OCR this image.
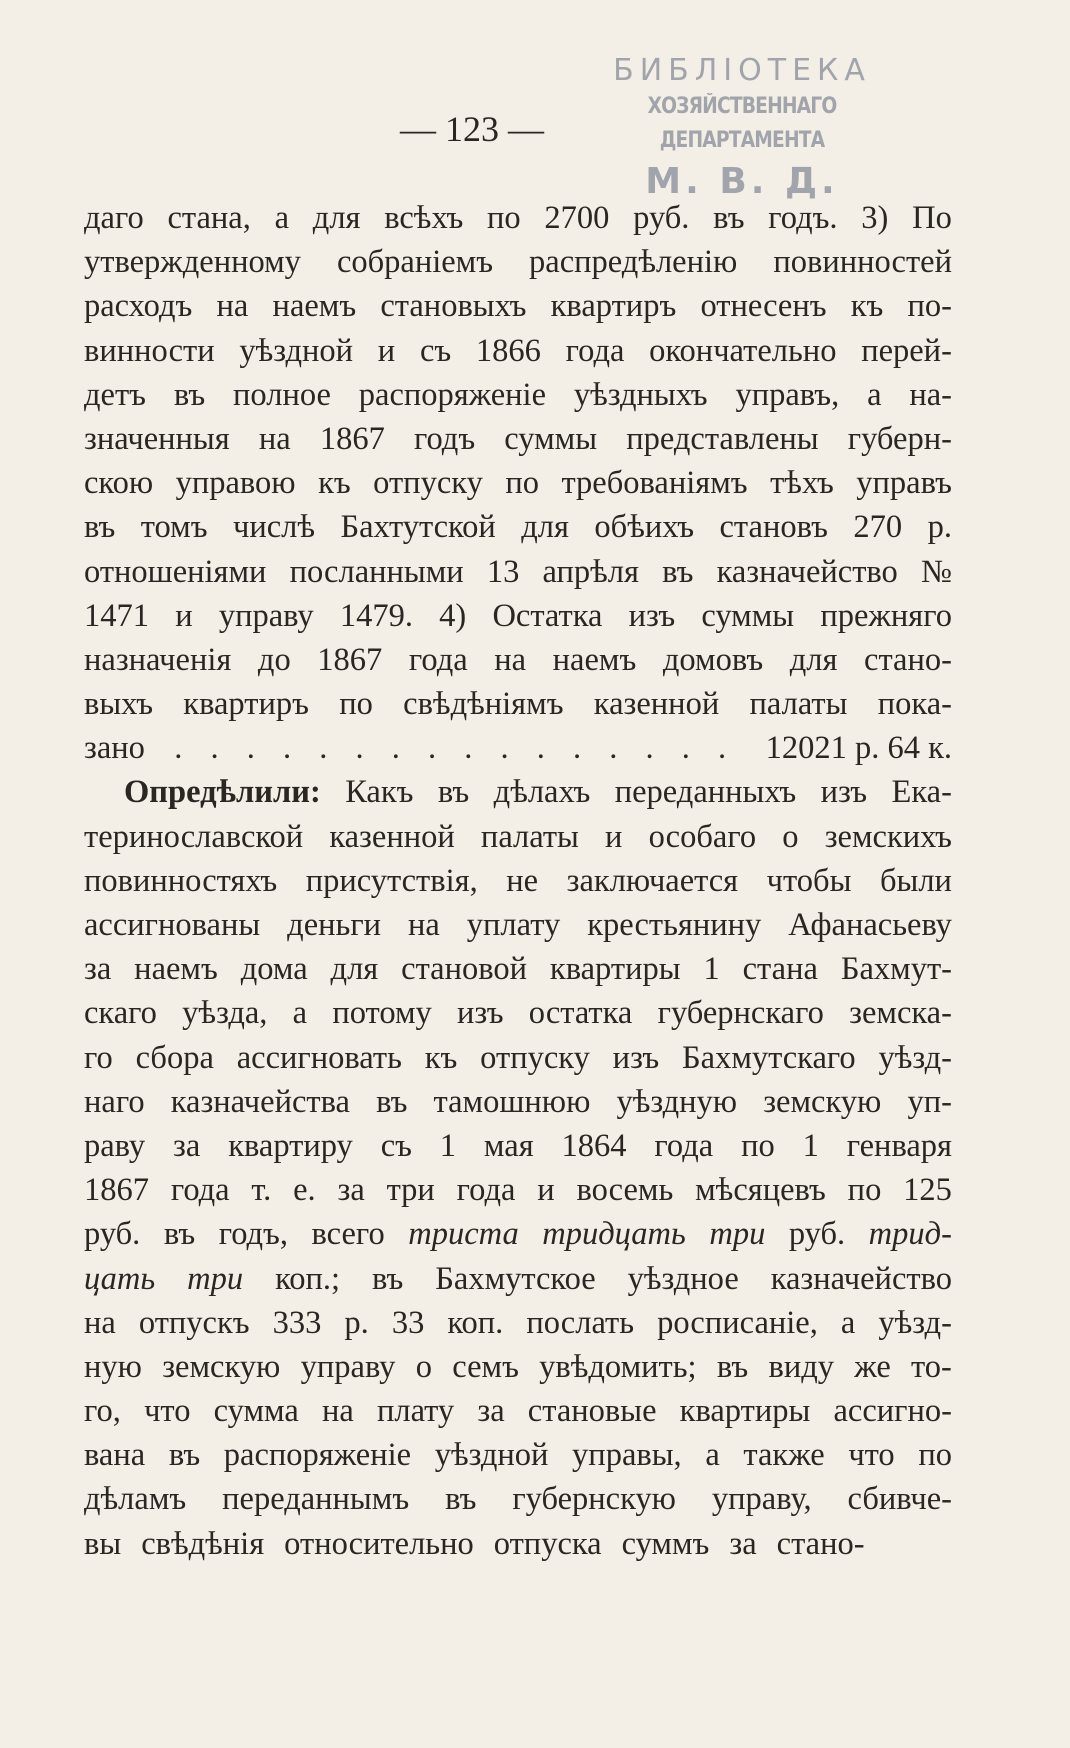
БИБЛІОТЕКА
ХОЗЯЙСТВЕННАГО ДЕПАРТАМЕНТА
М. В. Д.
— 123 —
даго стана, а для всѣхъ по 2700 руб. въ годъ. 3) По
утвержденному собраніемъ распредѣленію повинностей
расходъ на наемъ становыхъ квартиръ отнесенъ къ по-
винности уѣздной и съ 1866 года окончательно перей-
детъ въ полное распоряженіе уѣздныхъ управъ, а на-
значенныя на 1867 годъ суммы представлены губерн-
скою управою къ отпуску по требованіямъ тѣхъ управъ
въ томъ числѣ Бахтутской для обѣихъ становъ 270 р.
отношеніями посланными 13 апрѣля въ казначейство №
1471 и управу 1479. 4) Остатка изъ суммы прежняго
назначенія до 1867 года на наемъ домовъ для стано-
выхъ квартиръ по свѣдѣніямъ казенной палаты пока-
зано . . . . . . . . . . . . . . . . 12021 р. 64 к.
Опредѣлили: Какъ въ дѣлахъ переданныхъ изъ Ека-
теринославской казенной палаты и особаго о земскихъ
повинностяхъ присутствія, не заключается чтобы были
ассигнованы деньги на уплату крестьянину Афанасьеву
за наемъ дома для становой квартиры 1 стана Бахмут-
скаго уѣзда, а потому изъ остатка губернскаго земска-
го сбора ассигновать къ отпуску изъ Бахмутскаго уѣзд-
наго казначейства въ тамошнюю уѣздную земскую уп-
раву за квартиру съ 1 мая 1864 года по 1 генваря
1867 года т. е. за три года и восемь мѣсяцевъ по 125
руб. въ годъ, всего триста тридцать три руб. трид-
цать три коп.; въ Бахмутское уѣздное казначейство
на отпускъ 333 р. 33 коп. послать росписаніе, а уѣзд-
ную земскую управу о семъ увѣдомить; въ виду же то-
го, что сумма на плату за становые квартиры ассигно-
вана въ распоряженіе уѣздной управы, а также что по
дѣламъ переданнымъ въ губернскую управу, сбивче-
вы свѣдѣнія относительно отпуска суммъ за стано-
